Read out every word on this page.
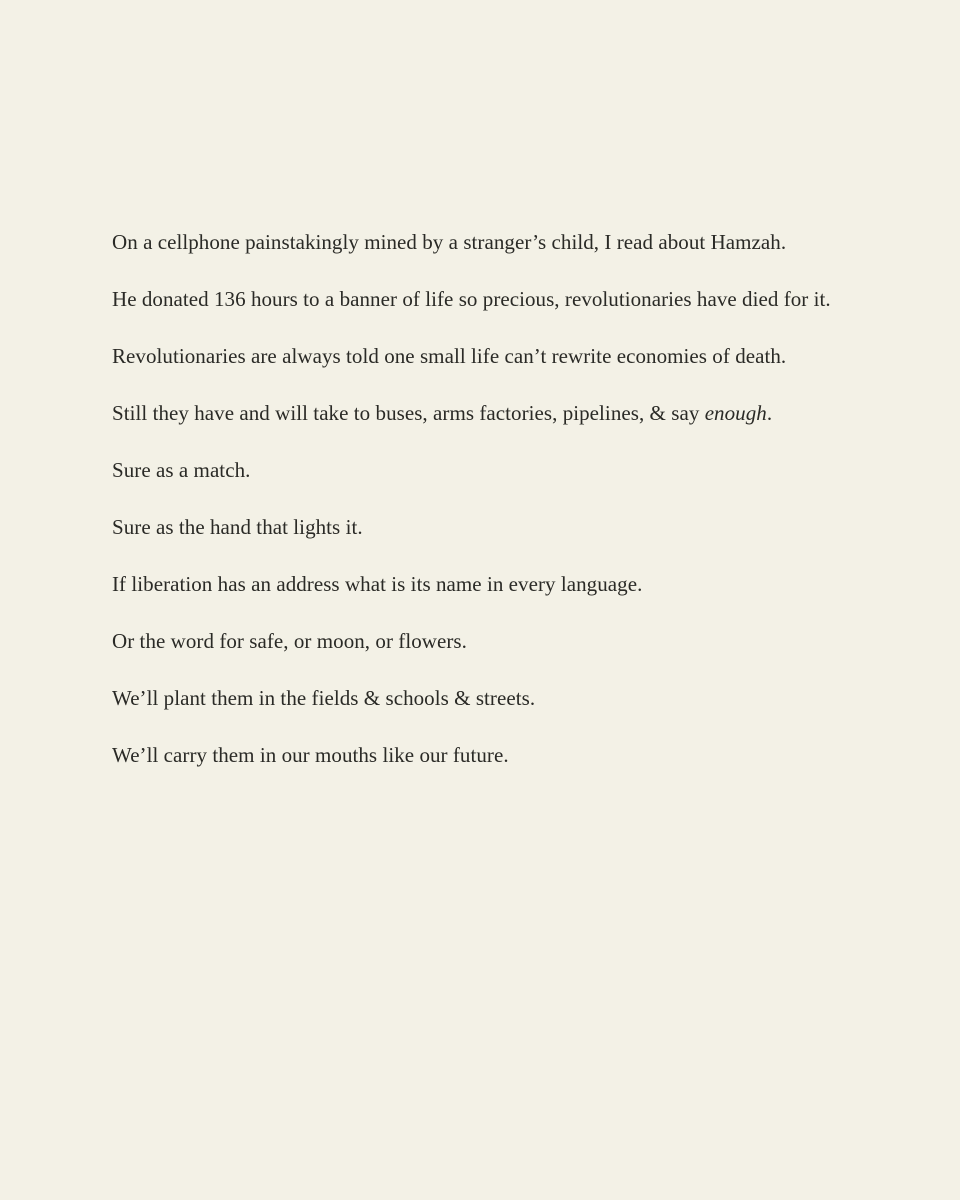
On a cellphone painstakingly mined by a stranger’s child, I read about Hamzah.

He donated 136 hours to a banner of life so precious, revolutionaries have died for it.

Revolutionaries are always told one small life can’t rewrite economies of death.

Still they have and will take to buses, arms factories, pipelines, & say enough.

Sure as a match.

Sure as the hand that lights it.

If liberation has an address what is its name in every language.

Or the word for safe, or moon, or flowers.

We’ll plant them in the fields & schools & streets.

We’ll carry them in our mouths like our future.
